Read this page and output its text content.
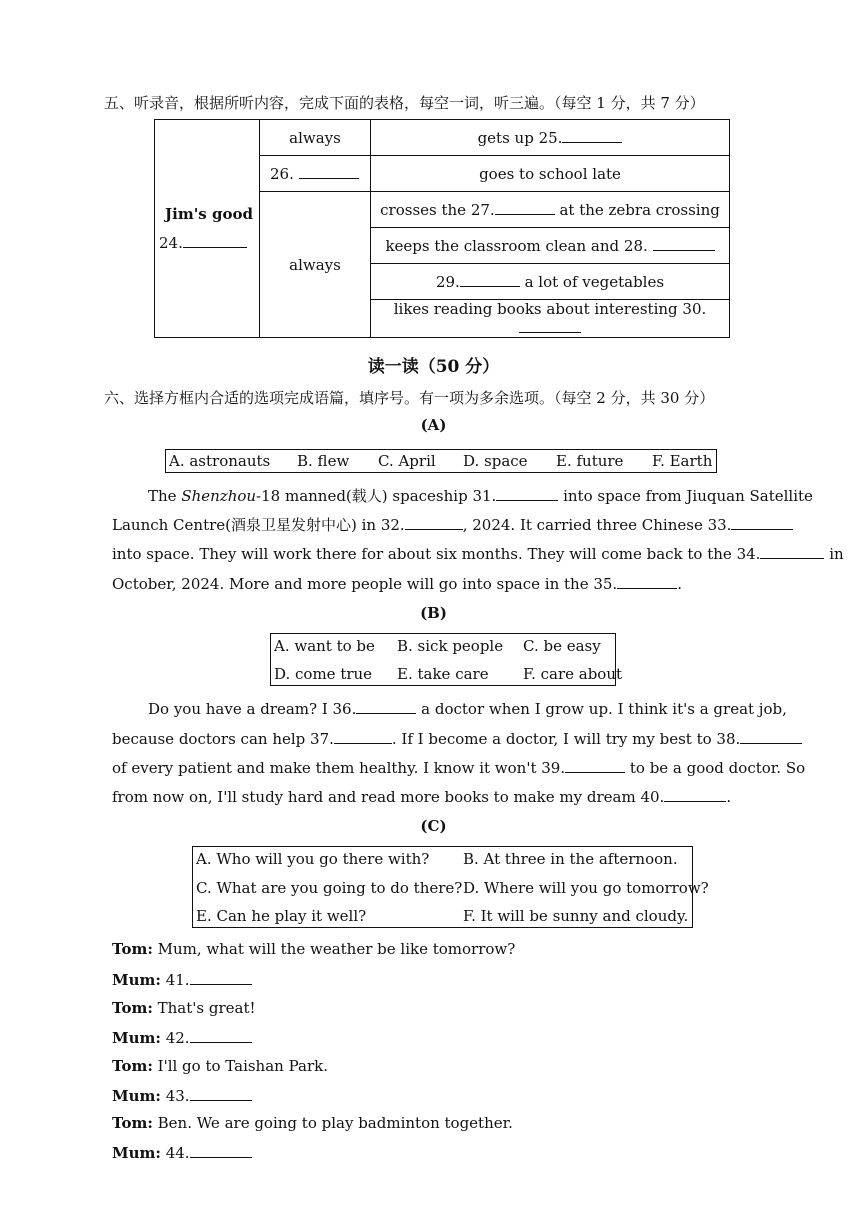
五、听录音，根据所听内容，完成下面的表格，每空一词，听三遍。（每空 1 分，共 7 分）
Jim's good
24.	always	gets up 25.
	26.	goes to school late
	always	crosses the 27. at the zebra crossing
		keeps the classroom clean and 28.
		29. a lot of vegetables
		likes reading books about interesting 30.
读一读（50 分）
六、选择方框内合适的选项完成语篇，填序号。有一项为多余选项。（每空 2 分，共 30 分）
(A)
A. astronauts B. flew C. April D. space E. future F. Earth
The Shenzhou-18 manned(载人) spaceship 31.	into space from Jiuquan Satellite
Launch Centre(酒泉卫星发射中心) in 32.	, 2024. It carried three Chinese 33.
into space. They will work there for about six months. They will come back to the 34.	in
October, 2024. More and more people will go into space in the 35.	.
(B)
A. want to be B. sick people C. be easy
D. come true E. take care F. care about
Do you have a dream? I 36.	a doctor when I grow up. I think it's a great job,
because doctors can help 37.	. If I become a doctor, I will try my best to 38.
of every patient and make them healthy. I know it won't 39.	to be a good doctor. So
from now on, I'll study hard and read more books to make my dream 40.	.
(C)
A. Who will you go there with? B. At three in the afternoon.
C. What are you going to do there? D. Where will you go tomorrow?
E. Can he play it well?	F. It will be sunny and cloudy.
Tom: Mum, what will the weather be like tomorrow?
Mum: 41.
Tom: That's great!
Mum: 42.
Tom: I'll go to Taishan Park.
Mum: 43.
Tom: Ben. We are going to play badminton together.
Mum: 44.
